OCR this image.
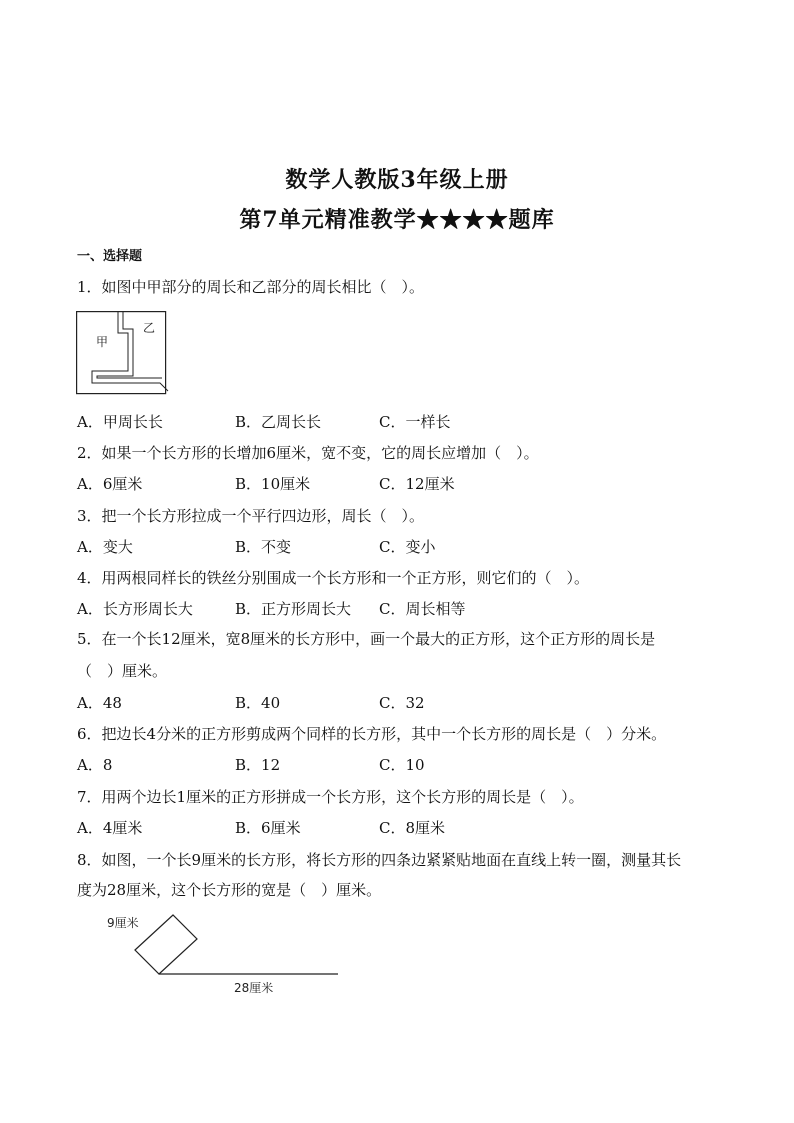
数学人教版3年级上册
第7单元精准教学★★★★题库
一、选择题
1．如图中甲部分的周长和乙部分的周长相比（　）。
甲
乙
A．甲周长长	B．乙周长长	C．一样长
2．如果一个长方形的长增加6厘米，宽不变，它的周长应增加（　）。
A．6厘米	B．10厘米	C．12厘米
3．把一个长方形拉成一个平行四边形，周长（　）。
A．变大	B．不变	C．变小
4．用两根同样长的铁丝分别围成一个长方形和一个正方形，则它们的（　）。
A．长方形周长大	B．正方形周长大 C．周长相等
5．在一个长12厘米，宽8厘米的长方形中，画一个最大的正方形，这个正方形的周长是
（　）厘米。
A．48	B．40	C．32
6．把边长4分米的正方形剪成两个同样的长方形，其中一个长方形的周长是（　）分米。
A．8	B．12	C．10
7．用两个边长1厘米的正方形拼成一个长方形，这个长方形的周长是（　）。
A．4厘米	B．6厘米	C．8厘米
8．如图，一个长9厘米的长方形，将长方形的四条边紧紧贴地面在直线上转一圈，测量其长
度为28厘米，这个长方形的宽是（　）厘米。
9厘米
28厘米
